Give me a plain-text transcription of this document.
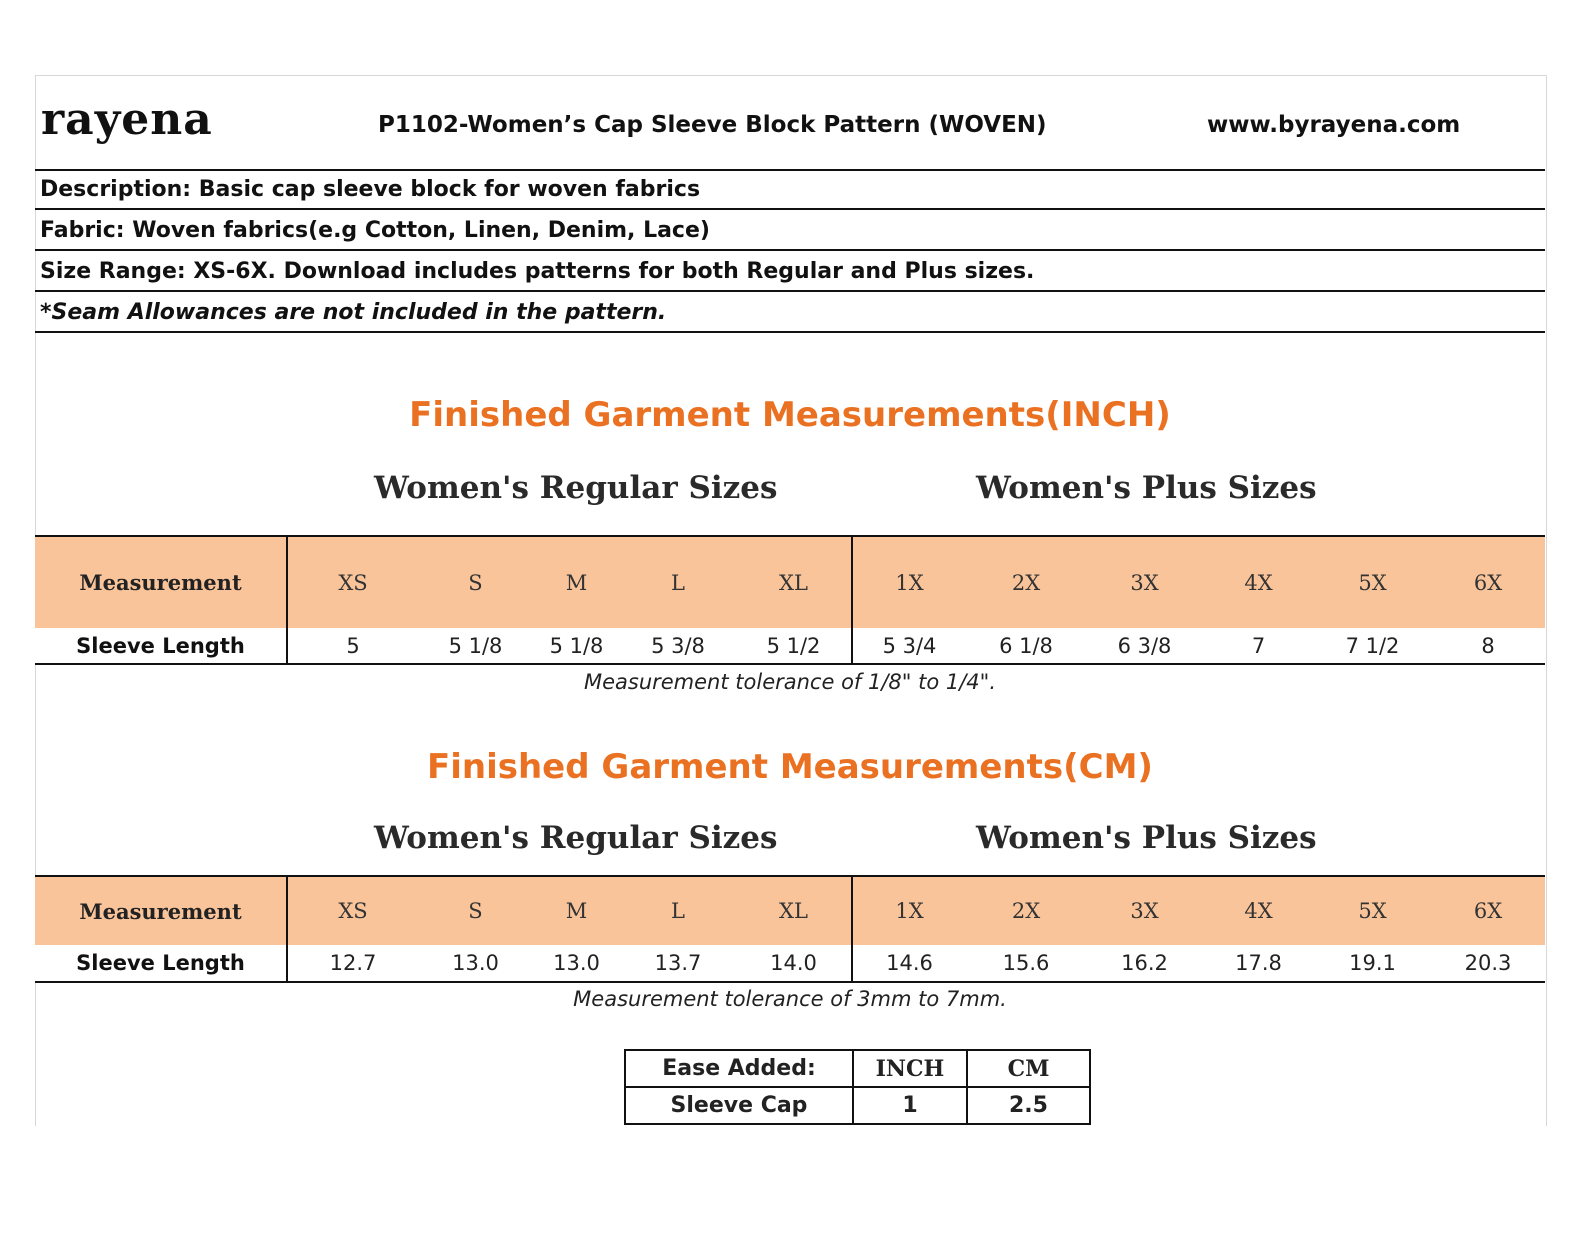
rayena	P1102-Women’s Cap Sleeve Block Pattern (WOVEN)	www.byrayena.com
Description: Basic cap sleeve block for woven fabrics
Fabric: Woven fabrics(e.g Cotton, Linen, Denim, Lace)
Size Range: XS-6X. Download includes patterns for both Regular and Plus sizes.
*Seam Allowances are not included in the pattern.
Finished Garment Measurements(INCH)
Women's Regular Sizes	Women's Plus Sizes
Measurement	XS	S	M	L	XL	1X	2X	3X	4X	5X	6X
Sleeve Length	5	5 1/8	5 1/8	5 3/8	5 1/2	5 3/4	6 1/8	6 3/8	7	7 1/2	8
Measurement tolerance of 1/8" to 1/4".
Finished Garment Measurements(CM)
Women's Regular Sizes	Women's Plus Sizes
Measurement	XS	S	M	L	XL	1X	2X	3X	4X	5X	6X
Sleeve Length	12.7	13.0	13.0	13.7	14.0	14.6	15.6	16.2	17.8	19.1	20.3
Measurement tolerance of 3mm to 7mm.
Ease Added:	INCH	CM
Sleeve Cap	1	2.5
